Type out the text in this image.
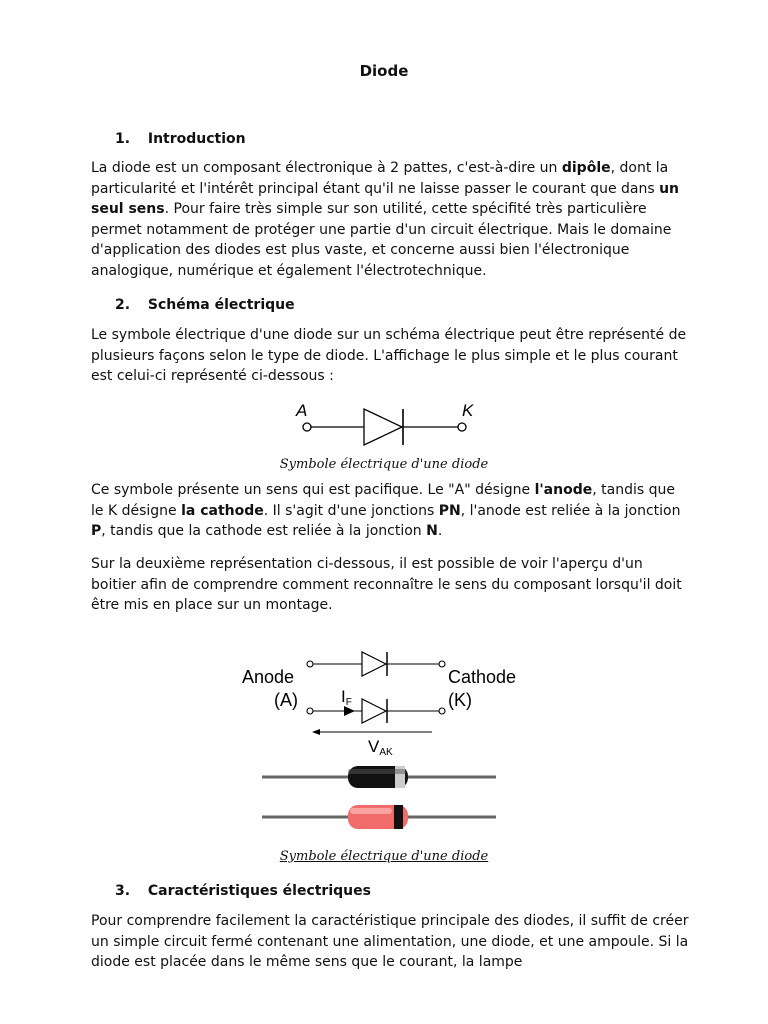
Diode
1. Introduction

La diode est un composant électronique à 2 pattes, c'est-à-dire un dipôle, dont la particularité et l'intérêt principal étant qu'il ne laisse passer le courant que dans un seul sens. Pour faire très simple sur son utilité, cette spécifité très particulière permet notamment de protéger une partie d'un circuit électrique. Mais le domaine d'application des diodes est plus vaste, et concerne aussi bien l'électronique analogique, numérique et également l'électrotechnique.

2. Schéma électrique

Le symbole électrique d'une diode sur un schéma électrique peut être représenté de plusieurs façons selon le type de diode. L'affichage le plus simple et le plus courant est celui-ci représenté ci-dessous :

A	K
Symbole électrique d'une diode

Ce symbole présente un sens qui est pacifique. Le "A" désigne l'anode, tandis que le K désigne la cathode. Il s'agit d'une jonctions PN, l'anode est reliée à la jonction P, tandis que la cathode est reliée à la jonction N.

Sur la deuxième représentation ci-dessous, il est possible de voir l'aperçu d'un boitier afin de comprendre comment reconnaître le sens du composant lorsqu'il doit être mis en place sur un montage.

Anode
(A)
Cathode
(K)
IF
VAK
Symbole électrique d'une diode
3. Caractéristiques électriques

Pour comprendre facilement la caractéristique principale des diodes, il suffit de créer un simple circuit fermé contenant une alimentation, une diode, et une ampoule. Si la diode est placée dans le même sens que le courant, la lampe
